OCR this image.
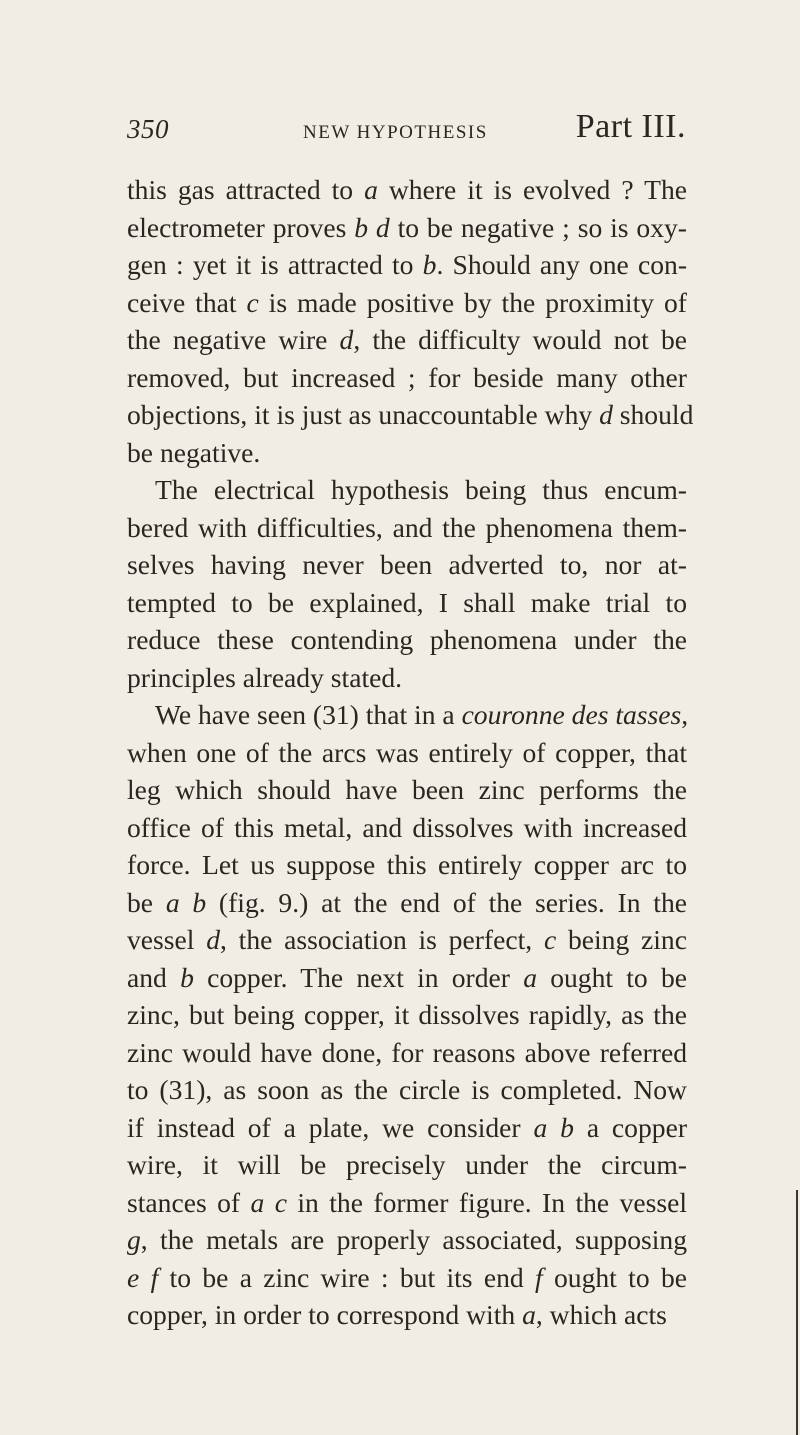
350	NEW HYPOTHESIS	Part III.
this gas attracted to a where it is evolved ? The
electrometer proves b d to be negative ; so is oxy-
gen : yet it is attracted to b. Should any one con-
ceive that c is made positive by the proximity of
the negative wire d, the difficulty would not be
removed, but increased ; for beside many other
objections, it is just as unaccountable why d should
be negative.
The electrical hypothesis being thus encum-
bered with difficulties, and the phenomena them-
selves having never been adverted to, nor at-
tempted to be explained, I shall make trial to
reduce these contending phenomena under the
principles already stated.
We have seen (31) that in a couronne des tasses,
when one of the arcs was entirely of copper, that
leg which should have been zinc performs the
office of this metal, and dissolves with increased
force. Let us suppose this entirely copper arc to
be a b (fig. 9.) at the end of the series. In the
vessel d, the association is perfect, c being zinc
and b copper. The next in order a ought to be
zinc, but being copper, it dissolves rapidly, as the
zinc would have done, for reasons above referred
to (31), as soon as the circle is completed. Now
if instead of a plate, we consider a b a copper
wire, it will be precisely under the circum-
stances of a c in the former figure. In the vessel
g, the metals are properly associated, supposing
e f to be a zinc wire : but its end f ought to be
copper, in order to correspond with a, which acts
